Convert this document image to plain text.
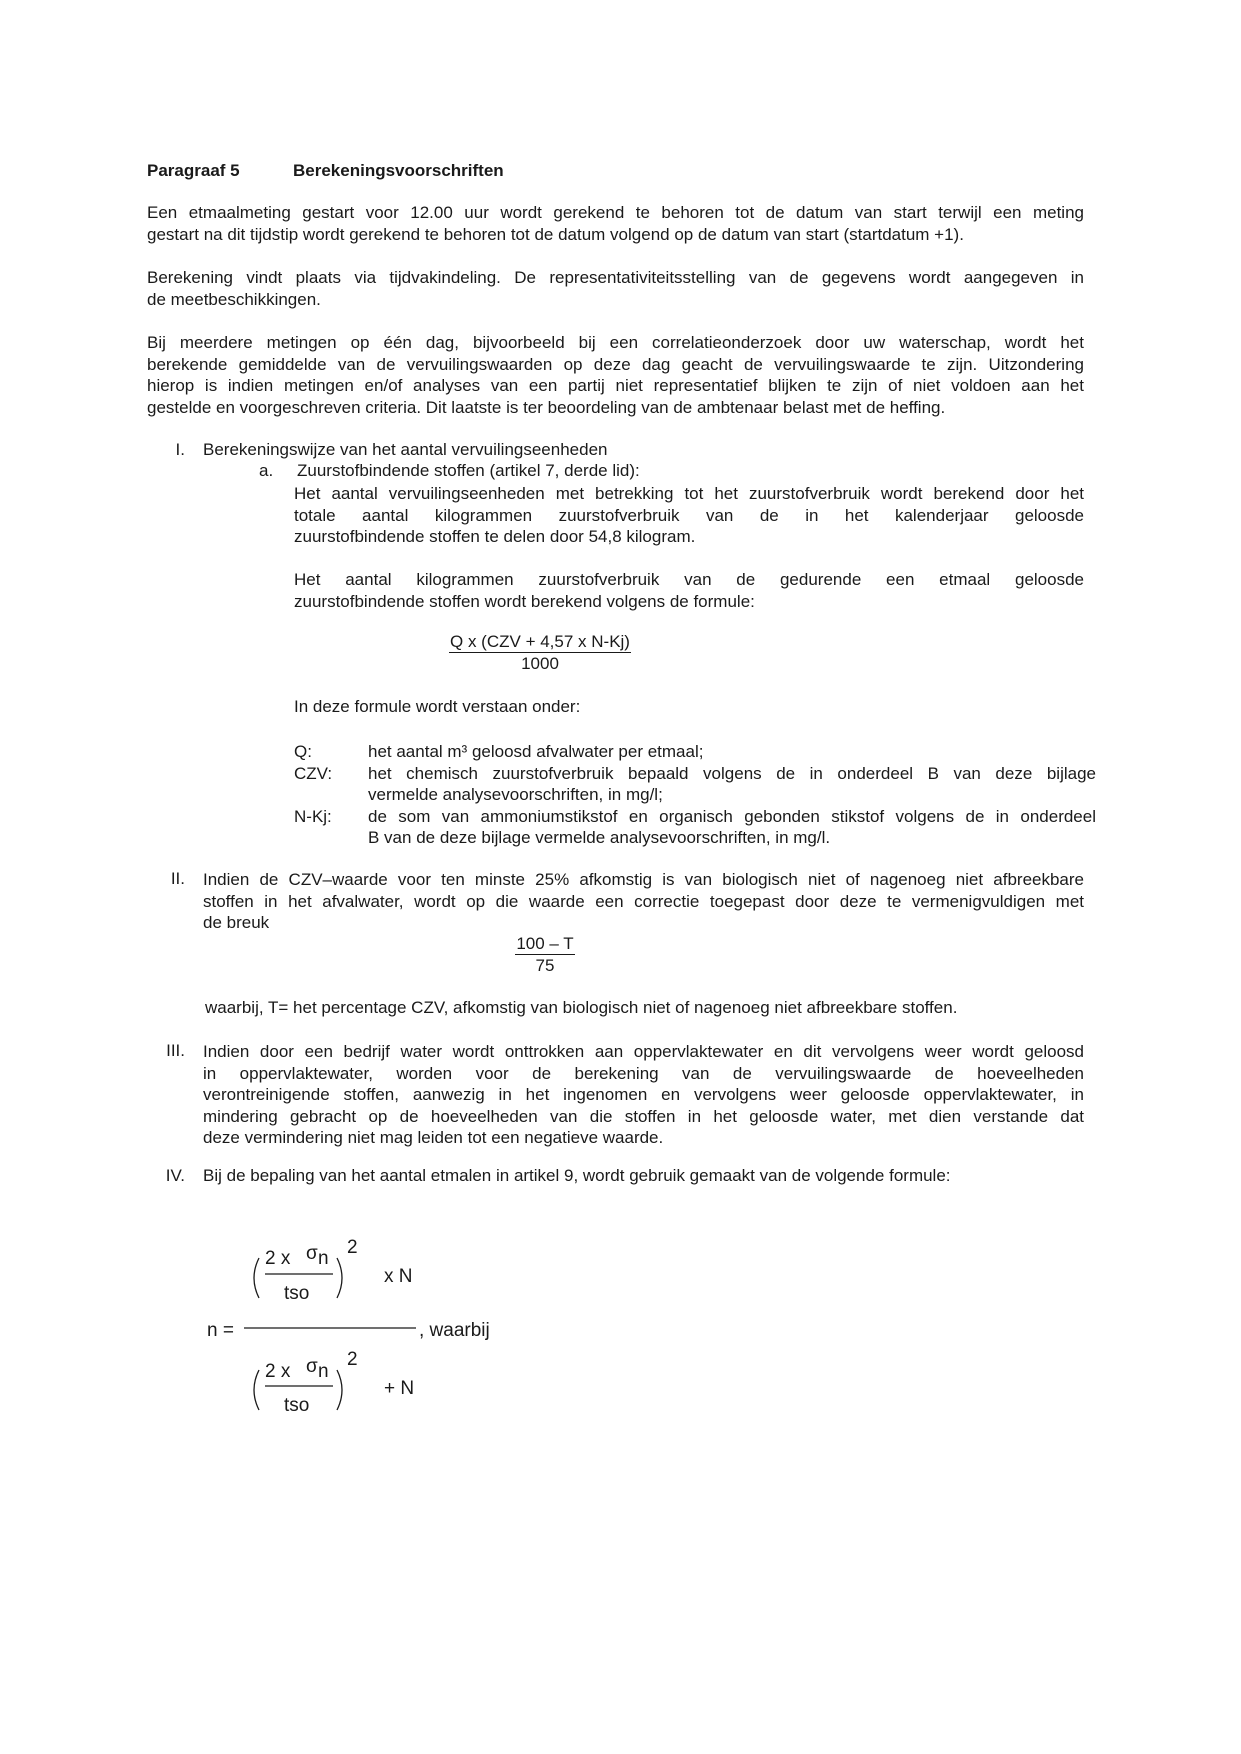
Paragraaf 5	Berekeningsvoorschriften
Een etmaalmeting gestart voor 12.00 uur wordt gerekend te behoren tot de datum van start terwijl een meting
gestart na dit tijdstip wordt gerekend te behoren tot de datum volgend op de datum van start (startdatum +1).
Berekening vindt plaats via tijdvakindeling. De representativiteitsstelling van de gegevens wordt aangegeven in
de meetbeschikkingen.
Bij meerdere metingen op één dag, bijvoorbeeld bij een correlatieonderzoek door uw waterschap, wordt het
berekende gemiddelde van de vervuilingswaarden op deze dag geacht de vervuilingswaarde te zijn. Uitzondering
hierop is indien metingen en/of analyses van een partij niet representatief blijken te zijn of niet voldoen aan het
gestelde en voorgeschreven criteria. Dit laatste is ter beoordeling van de ambtenaar belast met de heffing.
I. Berekeningswijze van het aantal vervuilingseenheden
a. Zuurstofbindende stoffen (artikel 7, derde lid):
Het aantal vervuilingseenheden met betrekking tot het zuurstofverbruik wordt berekend door het
totale aantal kilogrammen zuurstofverbruik van de in het kalenderjaar geloosde
zuurstofbindende stoffen te delen door 54,8 kilogram.
Het aantal kilogrammen zuurstofverbruik van de gedurende een etmaal geloosde
zuurstofbindende stoffen wordt berekend volgens de formule:
Q x (CZV + 4,57 x N-Kj)
1000
In deze formule wordt verstaan onder:
Q:	het aantal m³ geloosd afvalwater per etmaal;
CZV: het chemisch zuurstofverbruik bepaald volgens de in onderdeel B van deze bijlage
vermelde analysevoorschriften, in mg/l;
N-Kj: de som van ammoniumstikstof en organisch gebonden stikstof volgens de in onderdeel
B van de deze bijlage vermelde analysevoorschriften, in mg/l.
II. Indien de CZV–waarde voor ten minste 25% afkomstig is van biologisch niet of nagenoeg niet afbreekbare
stoffen in het afvalwater, wordt op die waarde een correctie toegepast door deze te vermenigvuldigen met
de breuk
$\frac{100 - T}{75}$
waarbij, T= het percentage CZV, afkomstig van biologisch niet of nagenoeg niet afbreekbare stoffen.
III. Indien door een bedrijf water wordt onttrokken aan oppervlaktewater en dit vervolgens weer wordt geloosd
in oppervlaktewater, worden voor de berekening van de vervuilingswaarde de hoeveelheden
verontreinigende stoffen, aanwezig in het ingenomen en vervolgens weer geloosde oppervlaktewater, in
mindering gebracht op de hoeveelheden van die stoffen in het geloosde water, met dien verstande dat
deze vermindering niet mag leiden tot een negatieve waarde.
IV. Bij de bepaling van het aantal etmalen in artikel 9, wordt gebruik gemaakt van de volgende formule:
2 x σ n
tso
2
x N
n =	, waarbij
2 x σ n
tso
2
+ N
